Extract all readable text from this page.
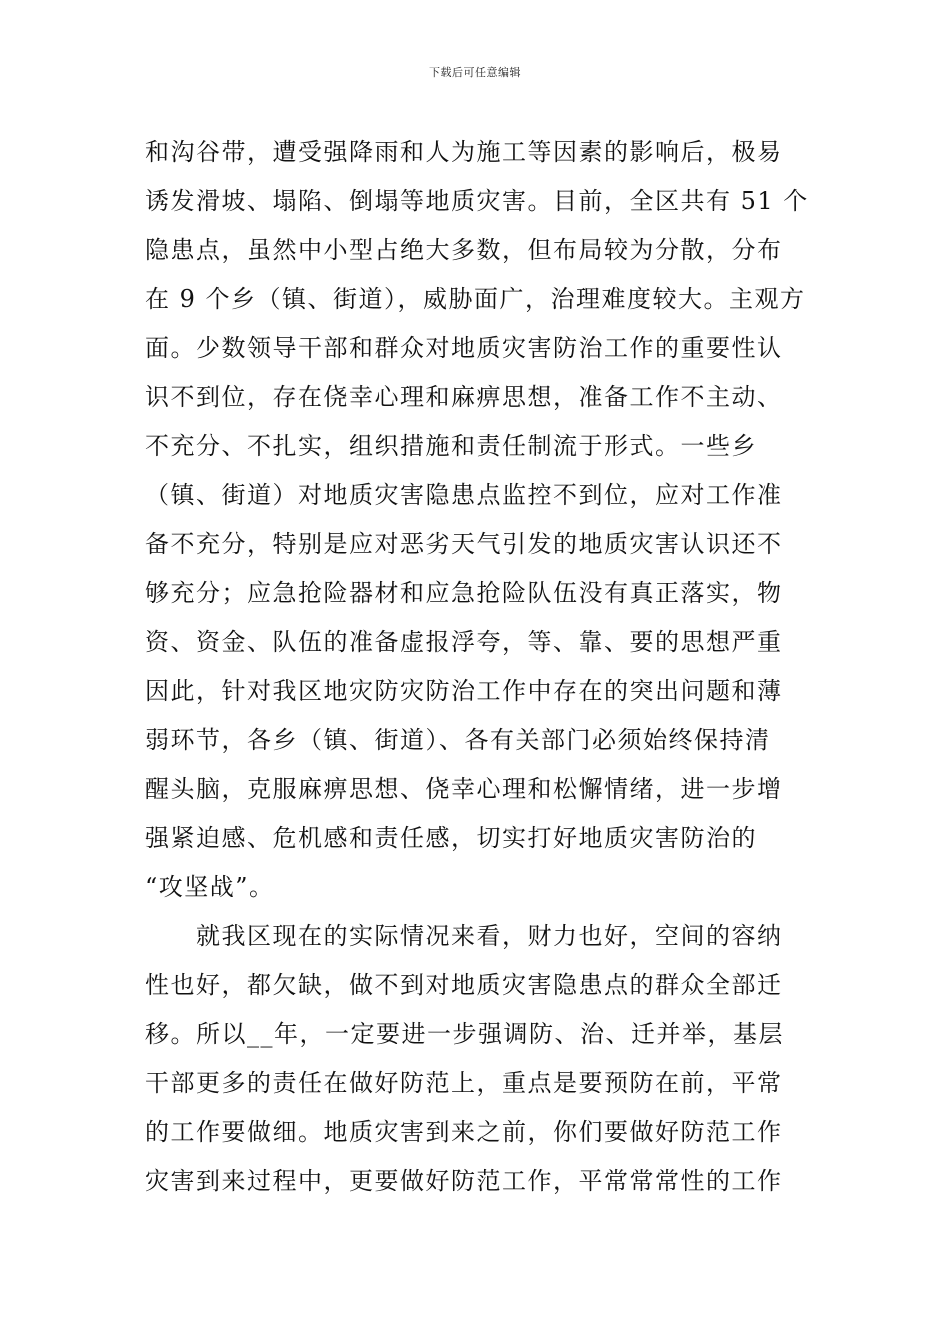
下载后可任意编辑
和沟谷带，遭受强降雨和人为施工等因素的影响后，极易
诱发滑坡、塌陷、倒塌等地质灾害。目前，全区共有 51 个
隐患点，虽然中小型占绝大多数，但布局较为分散，分布
在 9 个乡（镇、街道），威胁面广，治理难度较大。主观方
面。少数领导干部和群众对地质灾害防治工作的重要性认
识不到位，存在侥幸心理和麻痹思想，准备工作不主动、
不充分、不扎实，组织措施和责任制流于形式。一些乡
（镇、街道）对地质灾害隐患点监控不到位，应对工作准
备不充分，特别是应对恶劣天气引发的地质灾害认识还不
够充分；应急抢险器材和应急抢险队伍没有真正落实，物
资、资金、队伍的准备虚报浮夸，等、靠、要的思想严重
因此，针对我区地灾防灾防治工作中存在的突出问题和薄
弱环节，各乡（镇、街道）、各有关部门必须始终保持清
醒头脑，克服麻痹思想、侥幸心理和松懈情绪，进一步增
强紧迫感、危机感和责任感，切实打好地质灾害防治的
“攻坚战”。
　　就我区现在的实际情况来看，财力也好，空间的容纳
性也好，都欠缺，做不到对地质灾害隐患点的群众全部迁
移。所以__年，一定要进一步强调防、治、迁并举，基层
干部更多的责任在做好防范上，重点是要预防在前，平常
的工作要做细。地质灾害到来之前，你们要做好防范工作
灾害到来过程中，更要做好防范工作，平常常常性的工作
